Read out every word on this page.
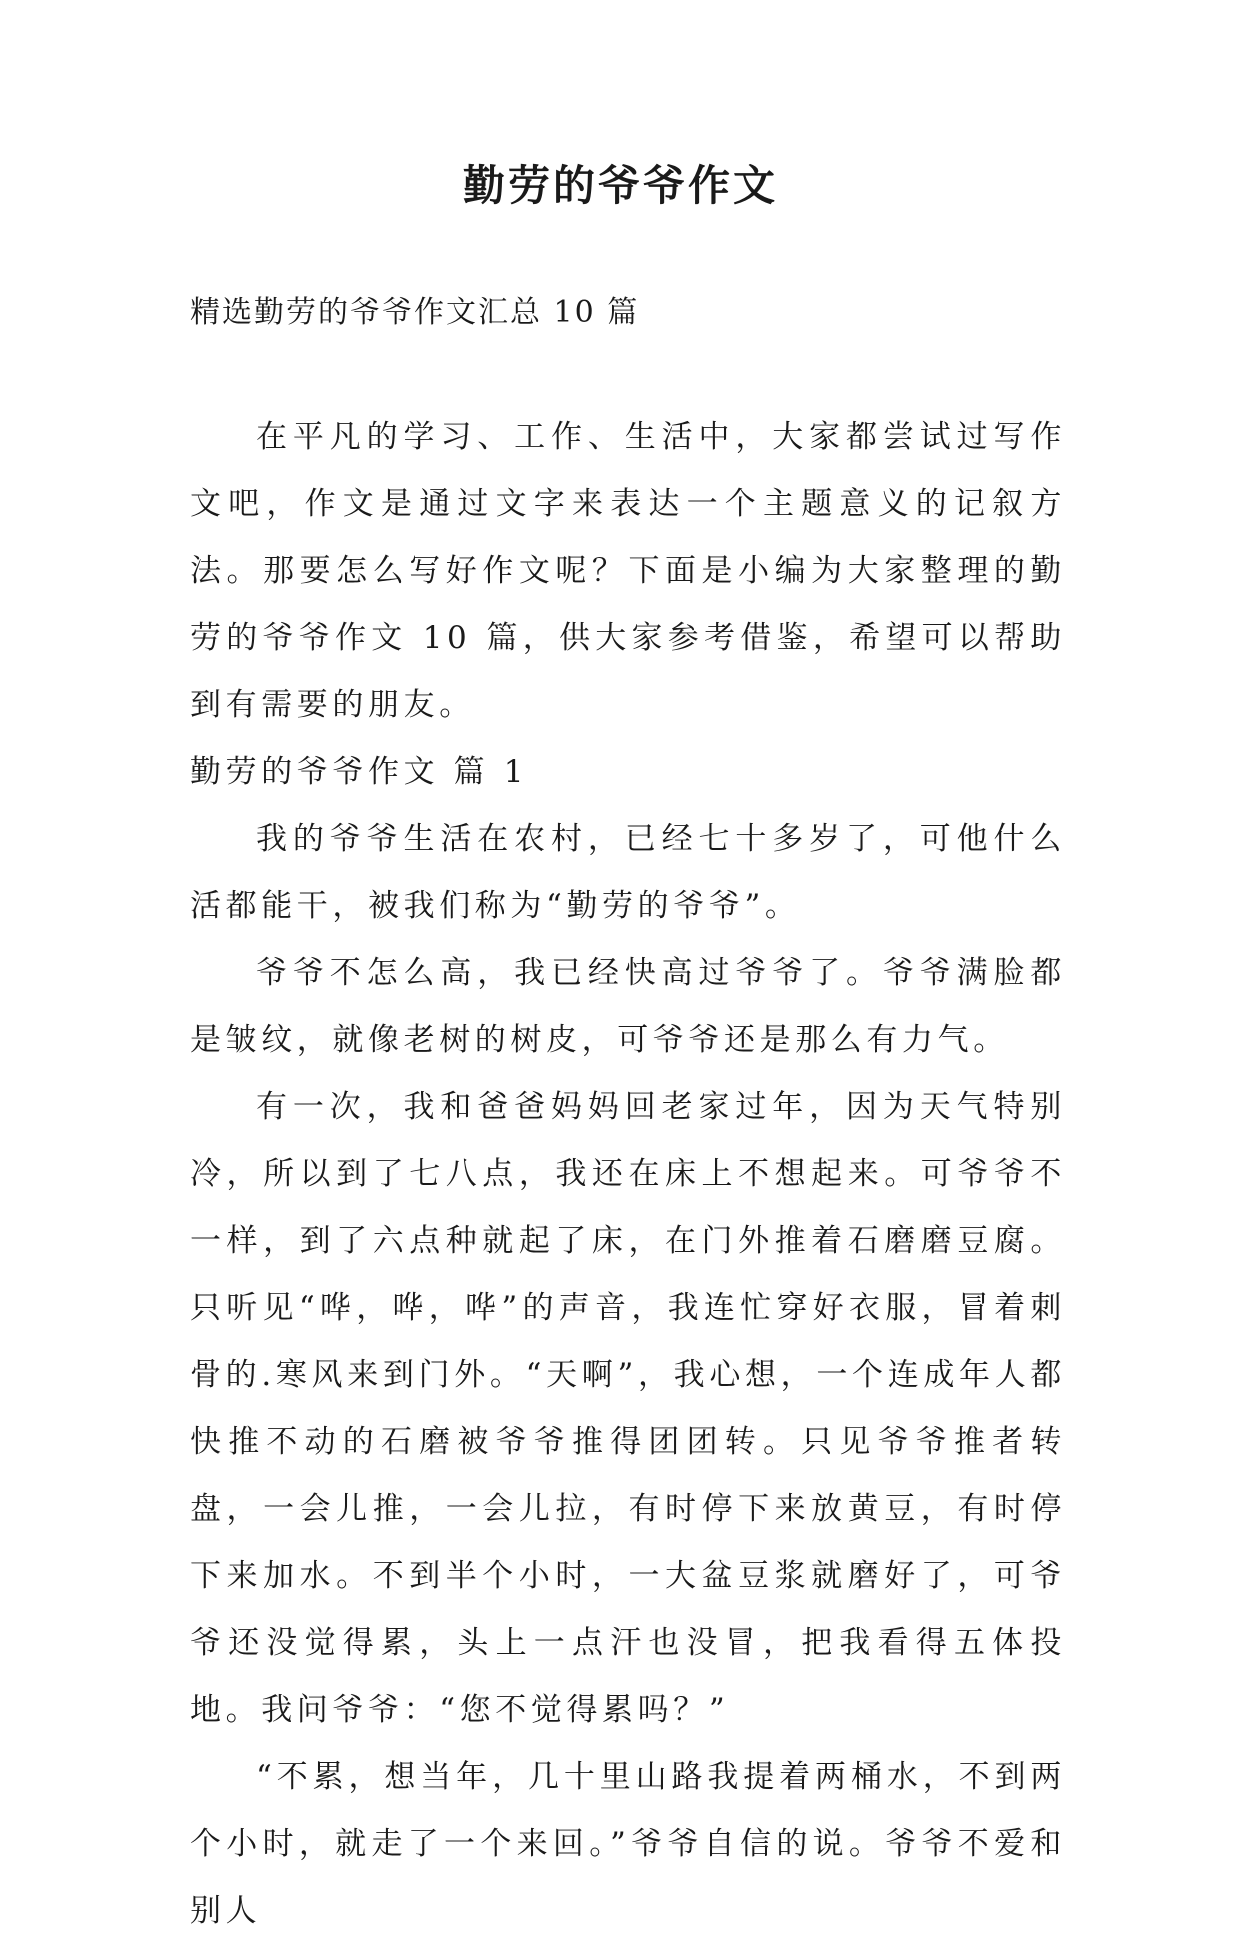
勤劳的爷爷作文
精选勤劳的爷爷作文汇总 10 篇

在平凡的学习、工作、生活中，大家都尝试过写作文吧，作文是通过文字来表达一个主题意义的记叙方法。那要怎么写好作文呢？下面是小编为大家整理的勤劳的爷爷作文 10 篇，供大家参考借鉴，希望可以帮助到有需要的朋友。

勤劳的爷爷作文 篇 1

我的爷爷生活在农村，已经七十多岁了，可他什么活都能干，被我们称为“勤劳的爷爷”。

爷爷不怎么高，我已经快高过爷爷了。爷爷满脸都是皱纹，就像老树的树皮，可爷爷还是那么有力气。

有一次，我和爸爸妈妈回老家过年，因为天气特别冷，所以到了七八点，我还在床上不想起来。可爷爷不一样，到了六点种就起了床，在门外推着石磨磨豆腐。只听见“哗，哗，哗”的声音，我连忙穿好衣服，冒着刺骨的.寒风来到门外。“天啊”，我心想，一个连成年人都快推不动的石磨被爷爷推得团团转。只见爷爷推者转盘，一会儿推，一会儿拉，有时停下来放黄豆，有时停下来加水。不到半个小时，一大盆豆浆就磨好了，可爷爷还没觉得累，头上一点汗也没冒，把我看得五体投地。我问爷爷：“您不觉得累吗？”

“不累，想当年，几十里山路我提着两桶水，不到两个小时，就走了一个来回。”爷爷自信的说。爷爷不爱和别人
